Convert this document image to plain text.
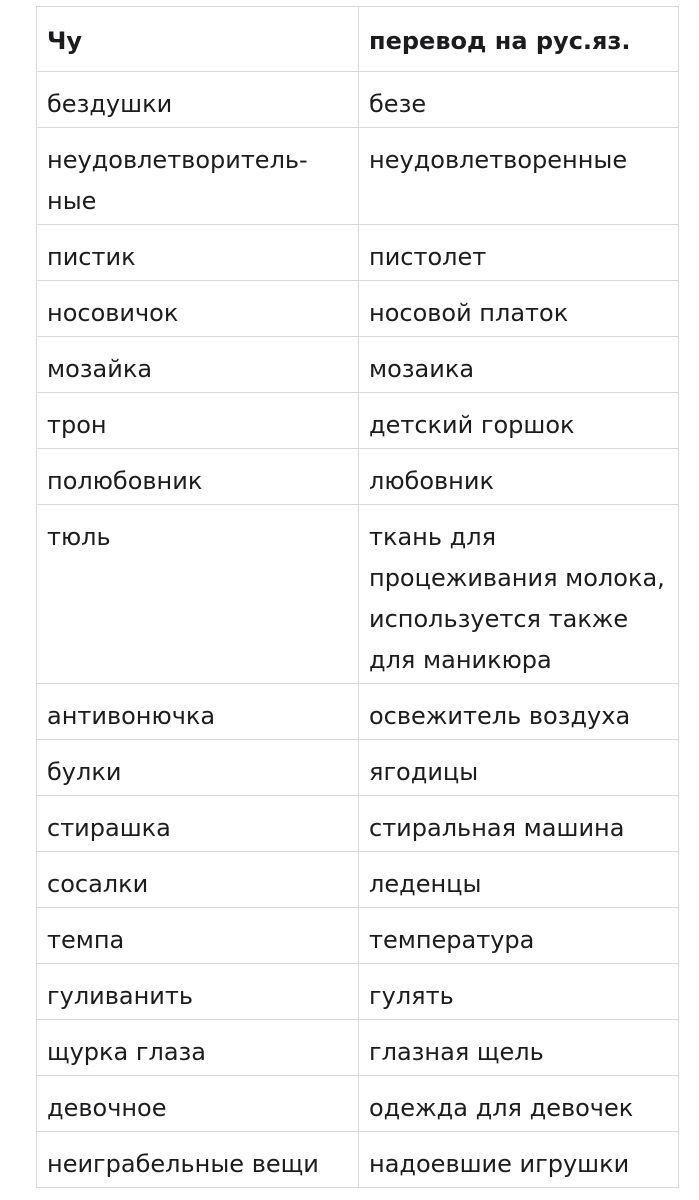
Чу	перевод на рус.яз.
бездушки	безе
неудовлетворитель-ные	неудовлетворенные
пистик	пистолет
носовичок	носовой платок
мозайка	мозаика
трон	детский горшок
полюбовник	любовник
тюль	ткань для процеживания молока, используется также для маникюра
антивонючка	освежитель воздуха
булки	ягодицы
стирашка	стиральная машина
сосалки	леденцы
темпа	температура
гуливанить	гулять
щурка глаза	глазная щель
девочное	одежда для девочек
неиграбельные вещи	надоевшие игрушки
